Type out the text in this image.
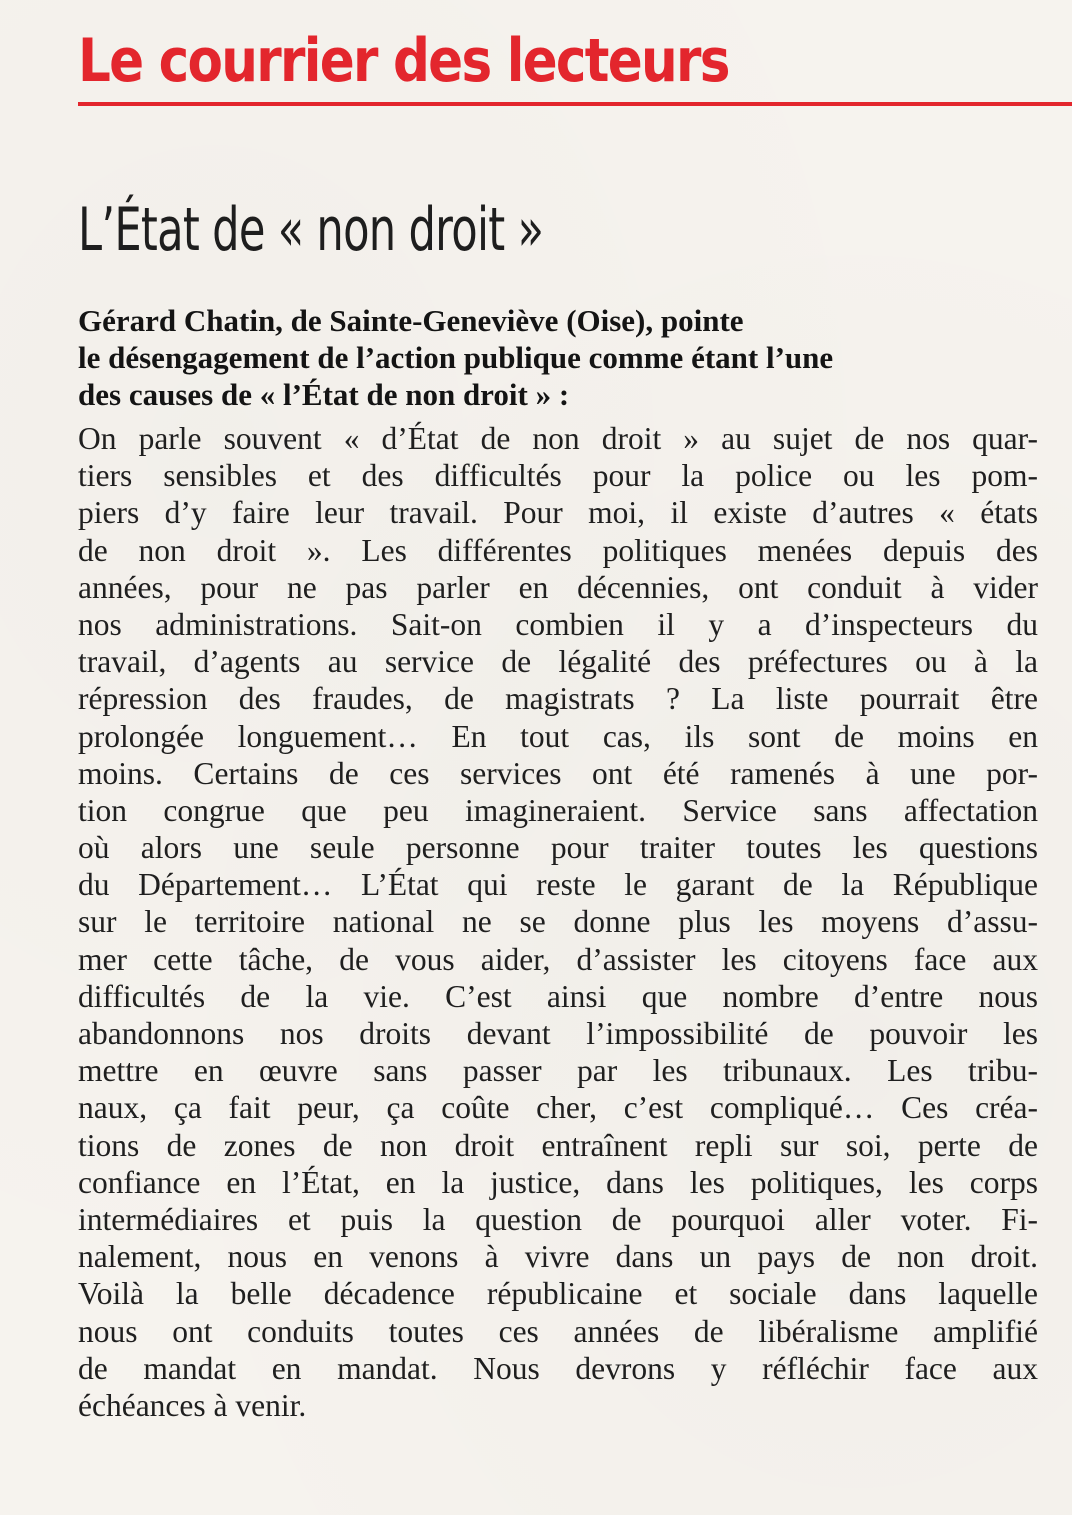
Le courrier des lecteurs
L’État de « non droit »

Gérard Chatin, de Sainte-Geneviève (Oise), pointe
le désengagement de l’action publique comme étant l’une
des causes de « l’État de non droit » :

On parle souvent « d’État de non droit » au sujet de nos quar-
tiers sensibles et des difficultés pour la police ou les pom-
piers d’y faire leur travail. Pour moi, il existe d’autres « états
de non droit ». Les différentes politiques menées depuis des
années, pour ne pas parler en décennies, ont conduit à vider
nos administrations. Sait-on combien il y a d’inspecteurs du
travail, d’agents au service de légalité des préfectures ou à la
répression des fraudes, de magistrats ? La liste pourrait être
prolongée longuement… En tout cas, ils sont de moins en
moins. Certains de ces services ont été ramenés à une por-
tion congrue que peu imagineraient. Service sans affectation
où alors une seule personne pour traiter toutes les questions
du Département… L’État qui reste le garant de la République
sur le territoire national ne se donne plus les moyens d’assu-
mer cette tâche, de vous aider, d’assister les citoyens face aux
difficultés de la vie. C’est ainsi que nombre d’entre nous
abandonnons nos droits devant l’impossibilité de pouvoir les
mettre en œuvre sans passer par les tribunaux. Les tribu-
naux, ça fait peur, ça coûte cher, c’est compliqué… Ces créa-
tions de zones de non droit entraînent repli sur soi, perte de
confiance en l’État, en la justice, dans les politiques, les corps
intermédiaires et puis la question de pourquoi aller voter. Fi-
nalement, nous en venons à vivre dans un pays de non droit.
Voilà la belle décadence républicaine et sociale dans laquelle
nous ont conduits toutes ces années de libéralisme amplifié
de mandat en mandat. Nous devrons y réfléchir face aux
échéances à venir.
